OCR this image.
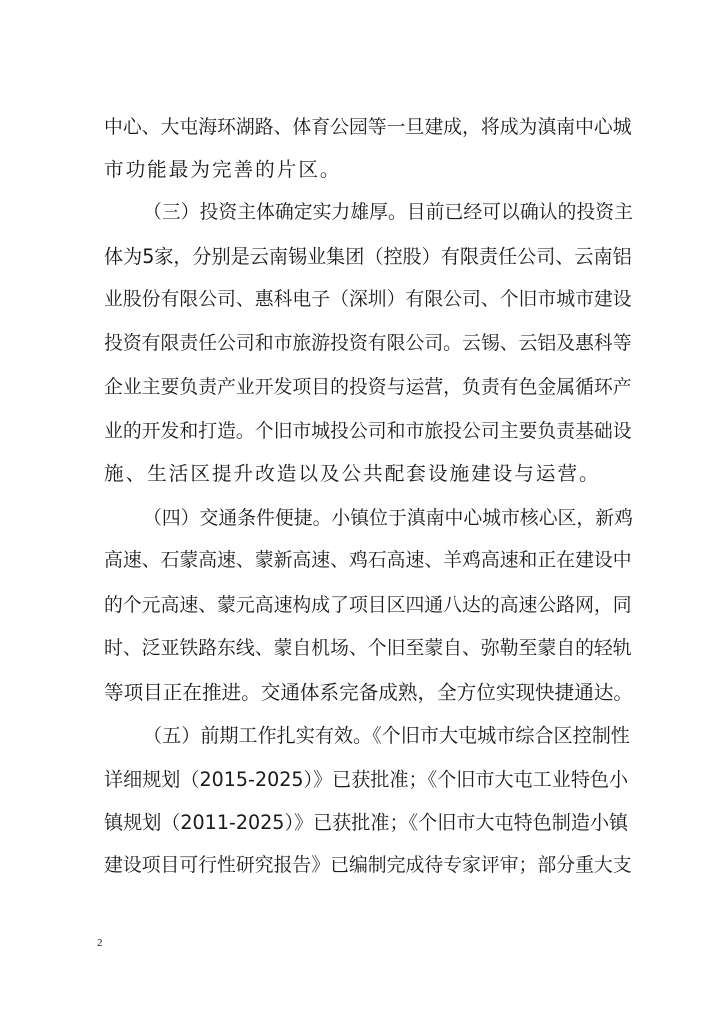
中心、大屯海环湖路、体育公园等一旦建成，将成为滇南中心城
市功能最为完善的片区。
（三）投资主体确定实力雄厚。目前已经可以确认的投资主
体为5家，分别是云南锡业集团（控股）有限责任公司、云南铝
业股份有限公司、惠科电子（深圳）有限公司、个旧市城市建设
投资有限责任公司和市旅游投资有限公司。云锡、云铝及惠科等
企业主要负责产业开发项目的投资与运营，负责有色金属循环产
业的开发和打造。个旧市城投公司和市旅投公司主要负责基础设
施、生活区提升改造以及公共配套设施建设与运营。
（四）交通条件便捷。小镇位于滇南中心城市核心区，新鸡
高速、石蒙高速、蒙新高速、鸡石高速、羊鸡高速和正在建设中
的个元高速、蒙元高速构成了项目区四通八达的高速公路网，同
时、泛亚铁路东线、蒙自机场、个旧至蒙自、弥勒至蒙自的轻轨
等项目正在推进。交通体系完备成熟，全方位实现快捷通达。
（五）前期工作扎实有效。《个旧市大屯城市综合区控制性
详细规划（2015-2025）》已获批准；《个旧市大屯工业特色小
镇规划（2011-2025）》已获批准；《个旧市大屯特色制造小镇
建设项目可行性研究报告》已编制完成待专家评审；部分重大支
2
